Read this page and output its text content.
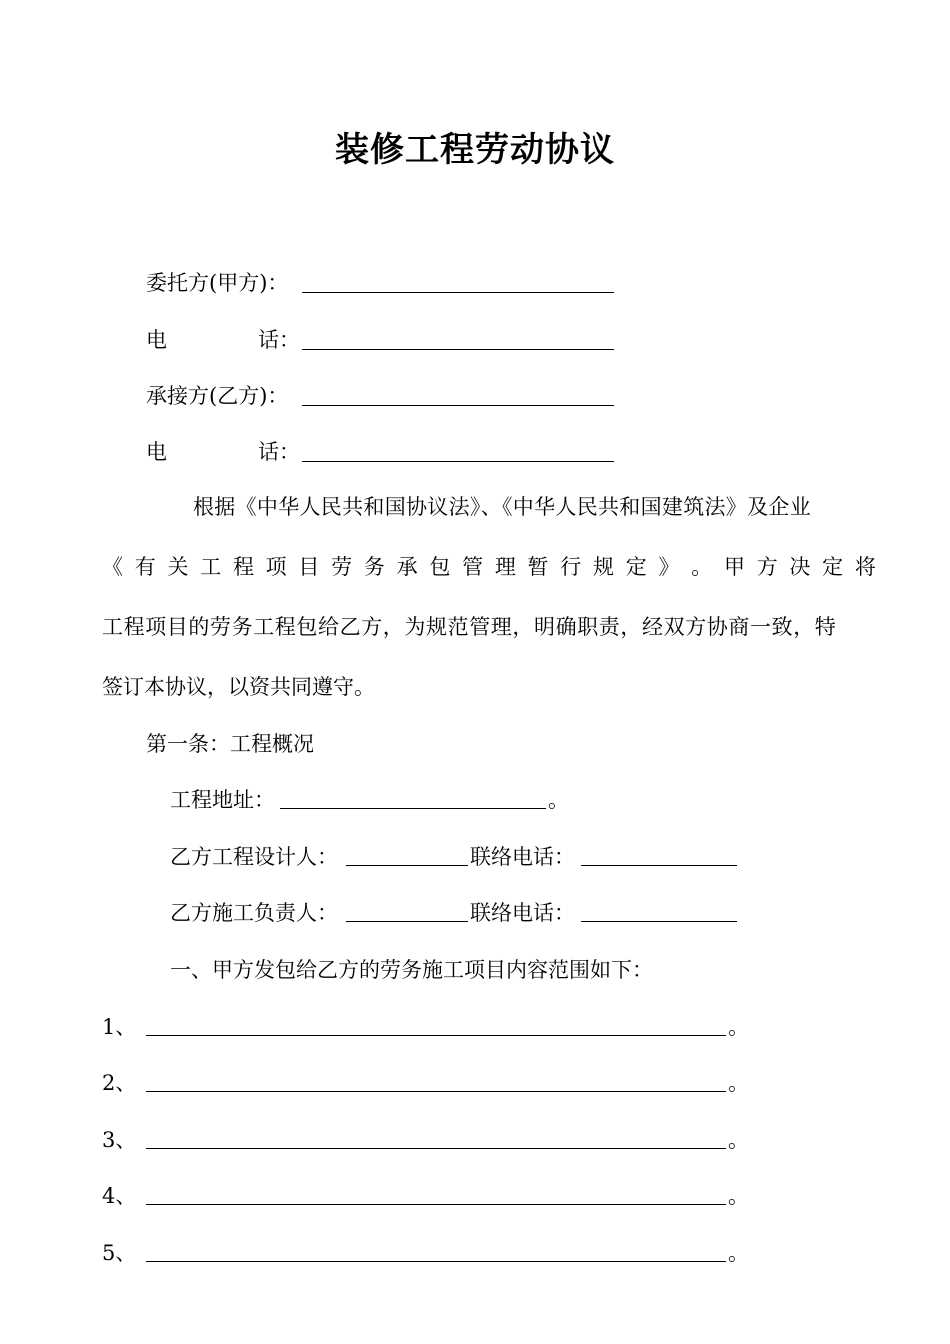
装修工程劳动协议
委托方(甲方)：
电	话：
承接方(乙方)：
电	话：
根据《中华人民共和国协议法》、《中华人民共和国建筑法》及企业
《 有 关 工 程 项 目 劳 务 承 包 管 理 暂 行 规 定 》 。 甲 方 决 定 将
工程项目的劳务工程包给乙方，为规范管理，明确职责，经双方协商一致，特
签订本协议，以资共同遵守。
第一条：工程概况
工程地址：	。
乙方工程设计人：	联络电话：
乙方施工负责人：	联络电话：
一、甲方发包给乙方的劳务施工项目内容范围如下：
1、	。
2、	。
3、	。
4、	。
5、	。
